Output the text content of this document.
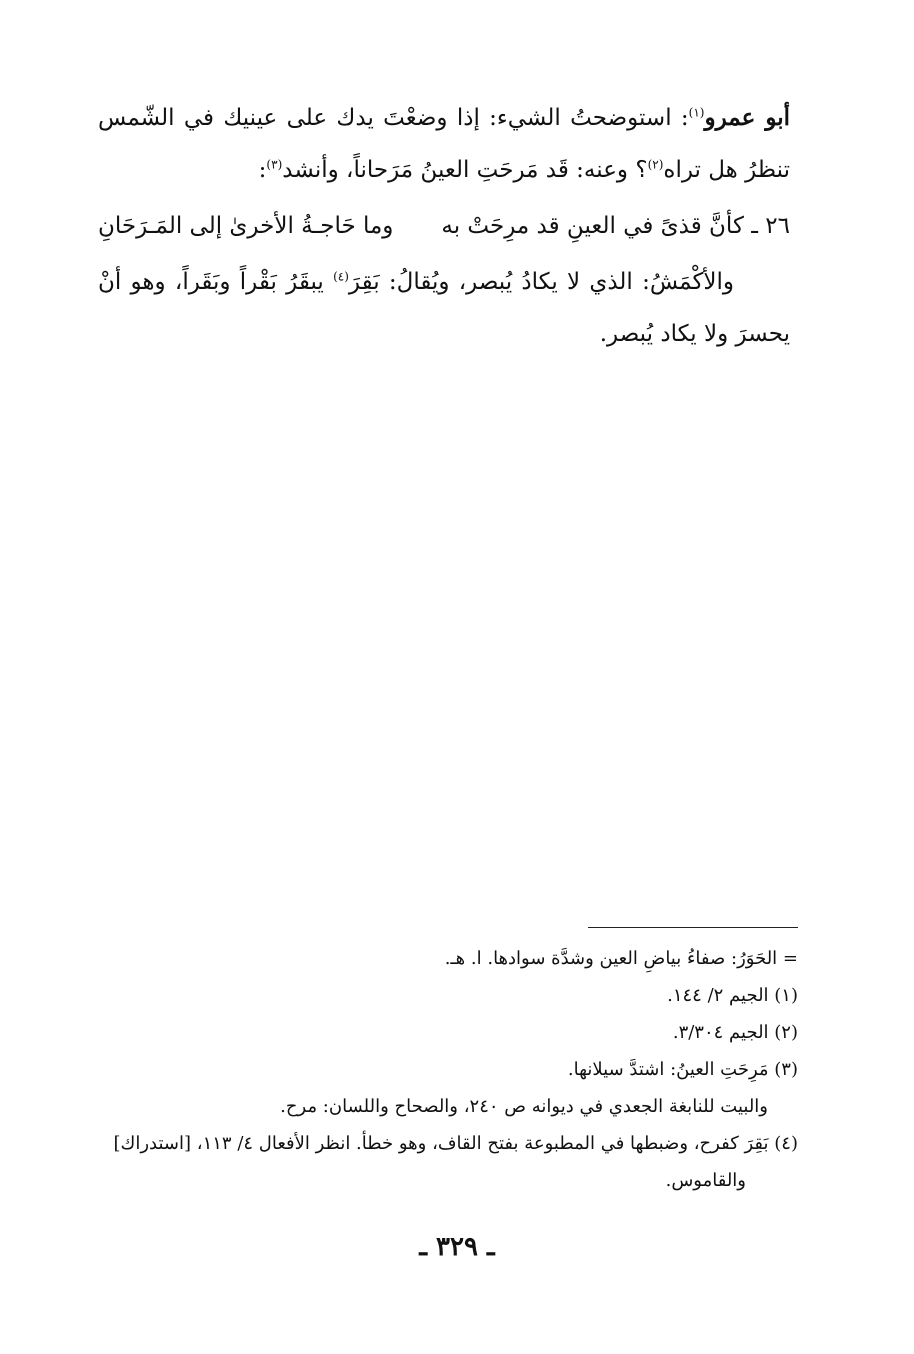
أبو عمرو$^{(١)}$: استوضحتُ الشيء: إذا وضعْتَ يدك على عينيك في الشّمس تنظرُ هل تراه$^{(٢)}$؟ وعنه: قَد مَرحَتِ العينُ مَرَحاناً، وأنشد$^{(٣)}$:

٢٦ ـ كأنَّ قذىً في العينِ قد مرِحَتْ به
وما حَاجـةُ الأخرىٰ إلى المَـرَحَانِ

والأكْمَشُ: الذي لا يكادُ يُبصر، ويُقالُ: بَقِرَ$^{(٤)}$ يبقَرُ بَقْراً وبَقَراً، وهو أنْ يحسرَ ولا يكاد يُبصر.

= الحَوَرُ: صفاءُ بياضِ العين وشدَّة سوادها. ا. هـ.
(١) الجيم ٢/ ١٤٤.
(٢) الجيم ٣/٣٠٤.
(٣) مَرِحَتِ العينُ: اشتدَّ سيلانها.
والبيت للنابغة الجعدي في ديوانه ص ٢٤٠، والصحاح واللسان: مرح.
(٤) بَقِرَ كفرح، وضبطها في المطبوعة بفتح القاف، وهو خطأ. انظر الأفعال ٤/ ١١٣، [استدراك]
والقاموس.
ـ ٣٢٩ ـ
